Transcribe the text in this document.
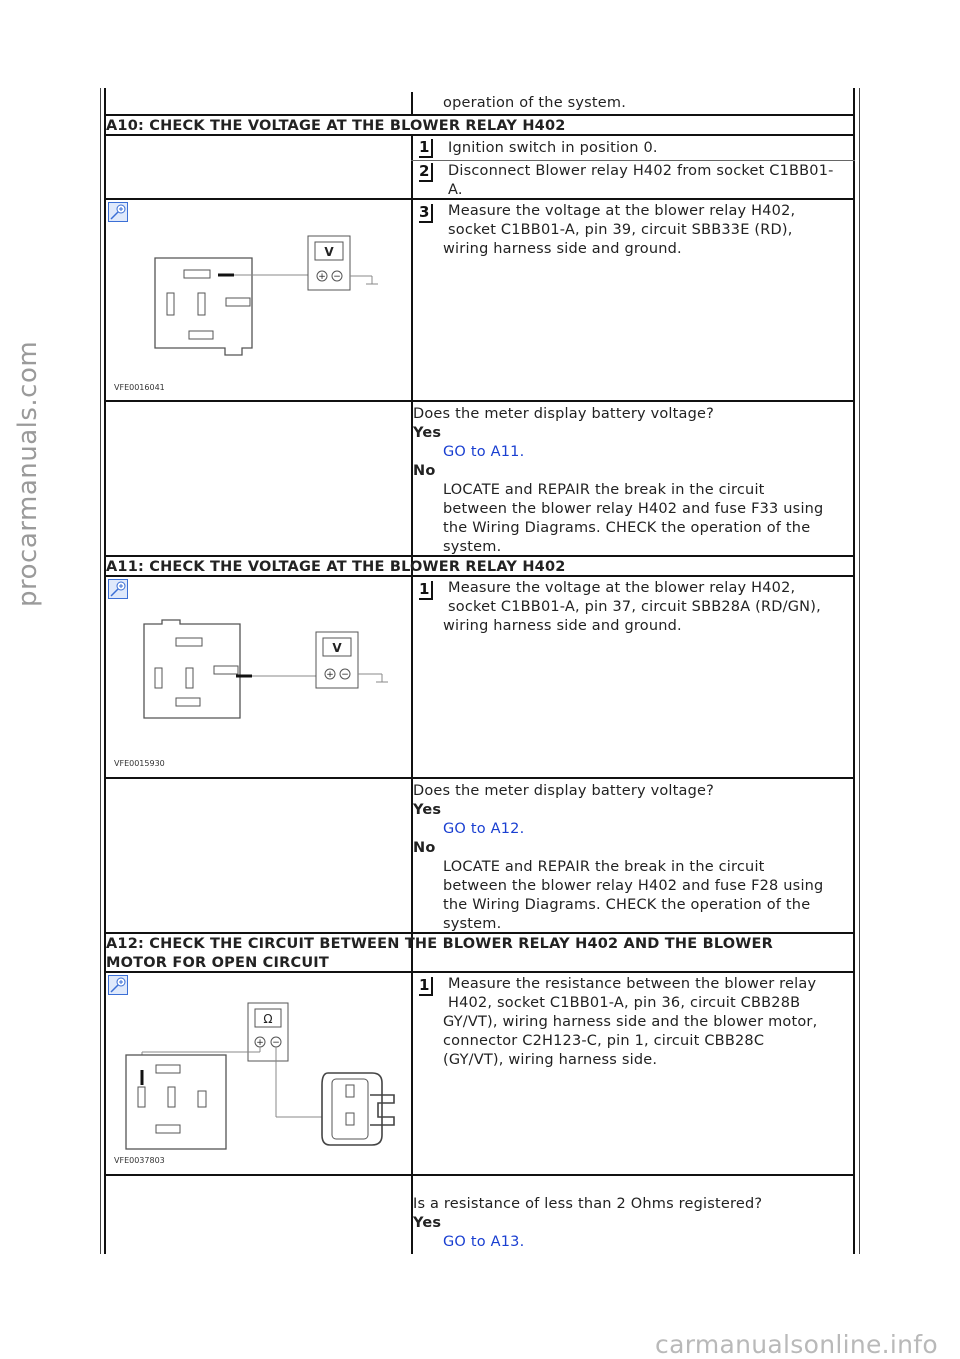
operation of the system.
A10: CHECK THE VOLTAGE AT THE BLOWER RELAY H402
1 Ignition switch in position 0.
2 Disconnect Blower relay H402 from socket C1BB01-
A.
V
+ −
VFE0016041
3 Measure the voltage at the blower relay H402,
socket C1BB01-A, pin 39, circuit SBB33E (RD),
wiring harness side and ground.
Does the meter display battery voltage?
Yes
GO to A11.
No
LOCATE and REPAIR the break in the circuit
between the blower relay H402 and fuse F33 using
the Wiring Diagrams. CHECK the operation of the
system.
A11: CHECK THE VOLTAGE AT THE BLOWER RELAY H402
V
+ −
VFE0015930
1 Measure the voltage at the blower relay H402,
socket C1BB01-A, pin 37, circuit SBB28A (RD/GN),
wiring harness side and ground.
Does the meter display battery voltage?
Yes
GO to A12.
No
LOCATE and REPAIR the break in the circuit
between the blower relay H402 and fuse F28 using
the Wiring Diagrams. CHECK the operation of the
system.
A12: CHECK THE CIRCUIT BETWEEN THE BLOWER RELAY H402 AND THE BLOWER
MOTOR FOR OPEN CIRCUIT
Ω
+ −
VFE0037803
1 Measure the resistance between the blower relay
H402, socket C1BB01-A, pin 36, circuit CBB28B
GY/VT), wiring harness side and the blower motor,
connector C2H123-C, pin 1, circuit CBB28C
(GY/VT), wiring harness side.
Is a resistance of less than 2 Ohms registered?
Yes
GO to A13.
procarmanuals.com
carmanualsonline.info
